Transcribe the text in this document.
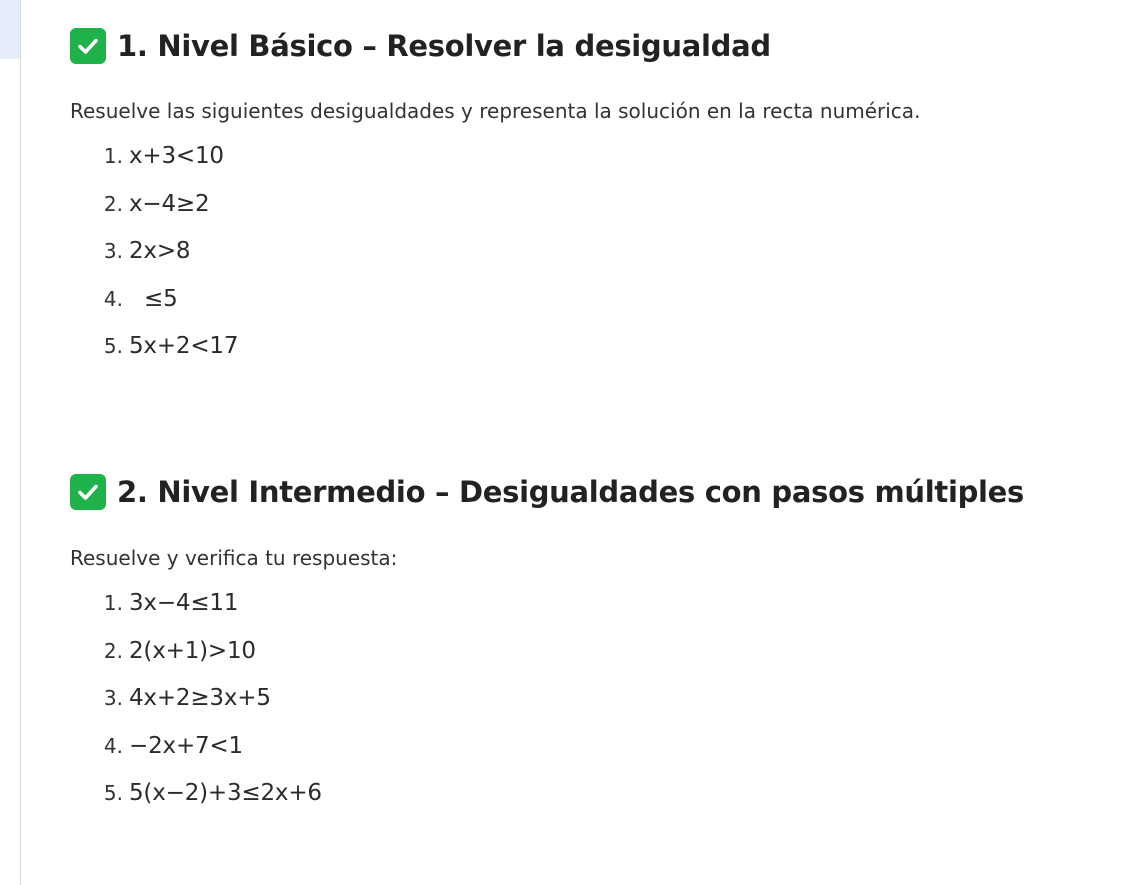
1. Nivel Básico – Resolver la desigualdad

Resuelve las siguientes desigualdades y representa la solución en la recta numérica.

1. x+3<10
2. x−4≥2
3. 2x>8
4. ≤5
5. 5x+2<17
2. Nivel Intermedio – Desigualdades con pasos múltiples

Resuelve y verifica tu respuesta:

1. 3x−4≤11
2. 2(x+1)>10
3. 4x+2≥3x+5
4. −2x+7<1
5. 5(x−2)+3≤2x+6
